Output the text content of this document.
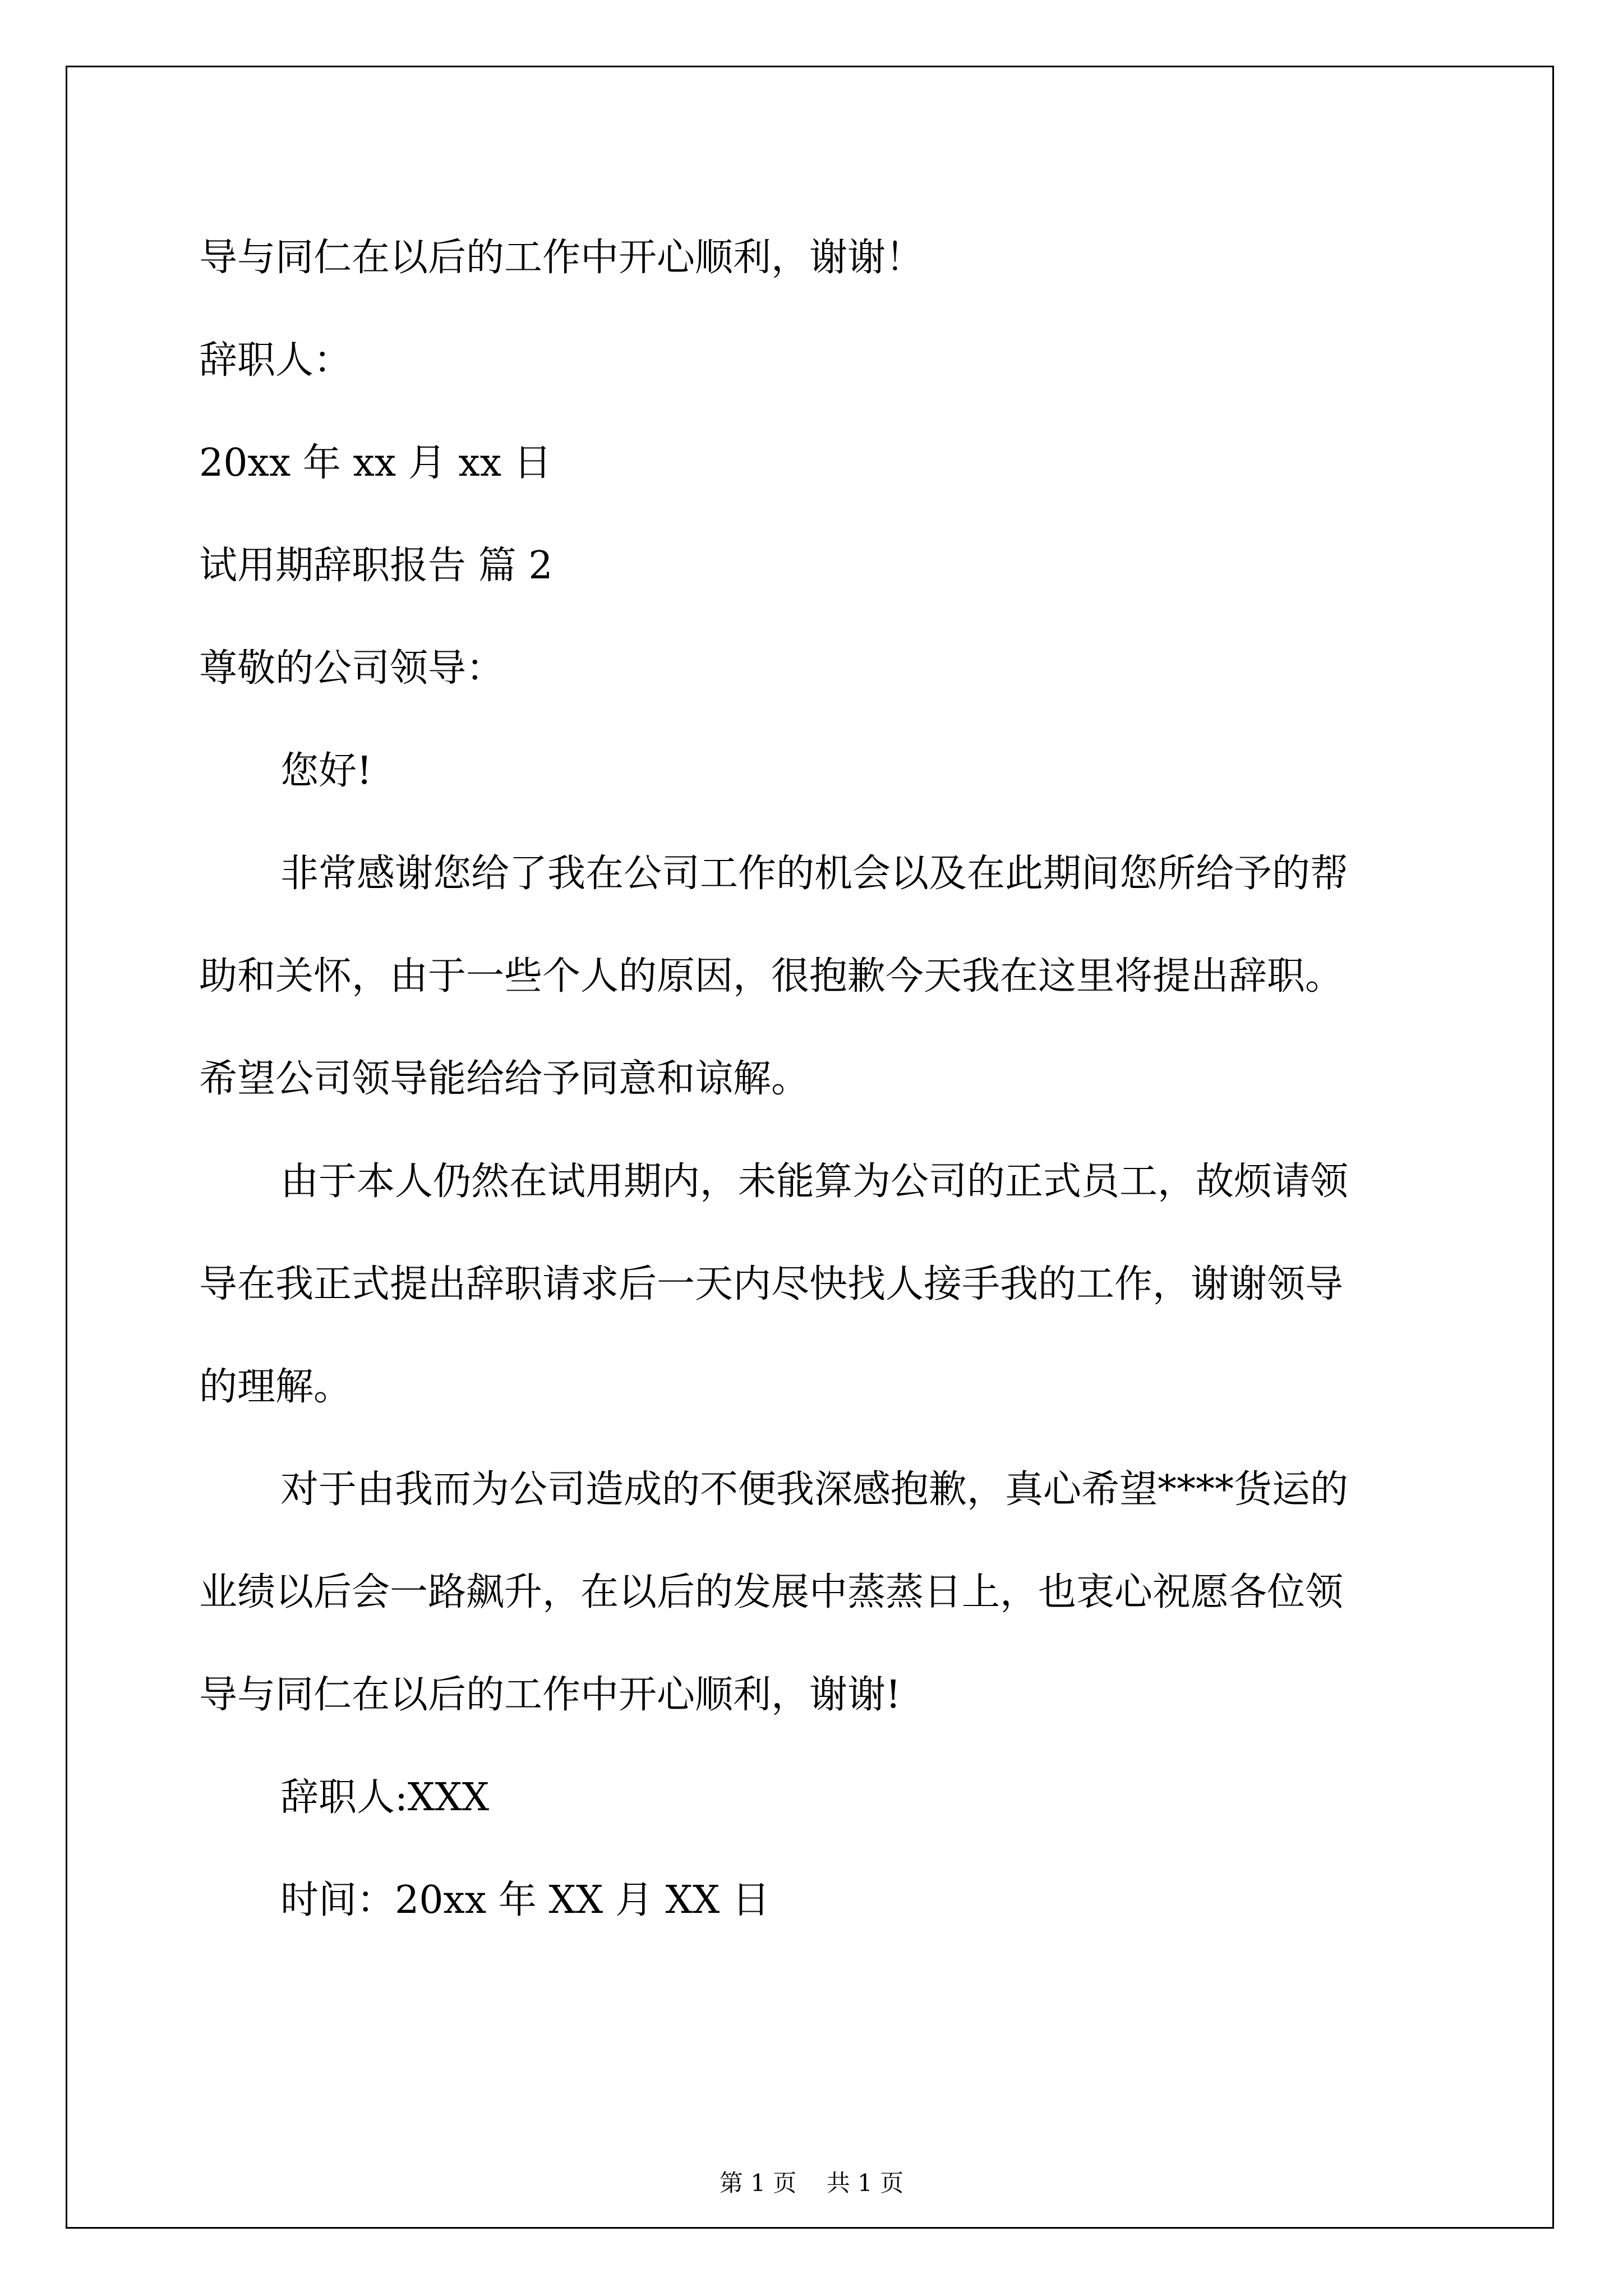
导与同仁在以后的工作中开心顺利，谢谢！

辞职人：

20xx 年 xx 月 xx 日

试用期辞职报告 篇 2

尊敬的公司领导：

您好!

非常感谢您给了我在公司工作的机会以及在此期间您所给予的帮

助和关怀，由于一些个人的原因，很抱歉今天我在这里将提出辞职。

希望公司领导能给给予同意和谅解。

由于本人仍然在试用期内，未能算为公司的正式员工，故烦请领

导在我正式提出辞职请求后一天内尽快找人接手我的工作，谢谢领导

的理解。

对于由我而为公司造成的不便我深感抱歉，真心希望****货运的

业绩以后会一路飙升，在以后的发展中蒸蒸日上，也衷心祝愿各位领

导与同仁在以后的工作中开心顺利，谢谢!

辞职人:XXX

时间：20xx 年 XX 月 XX 日

第 1 页    共 1 页
